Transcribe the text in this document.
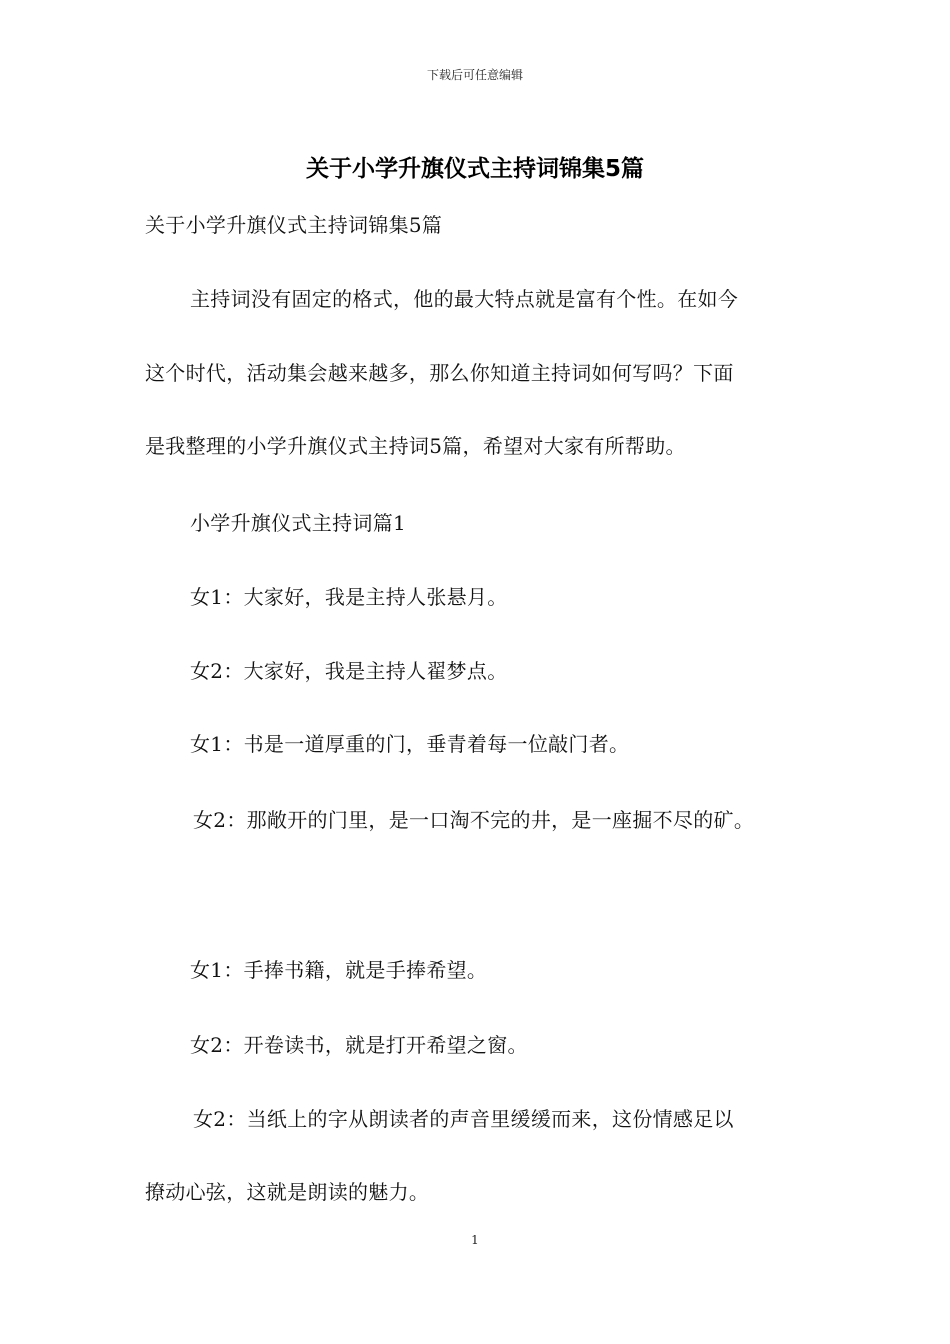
下载后可任意编辑
关于小学升旗仪式主持词锦集5篇
关于小学升旗仪式主持词锦集5篇
主持词没有固定的格式，他的最大特点就是富有个性。在如今
这个时代，活动集会越来越多，那么你知道主持词如何写吗？下面
是我整理的小学升旗仪式主持词5篇，希望对大家有所帮助。
小学升旗仪式主持词篇1
女1：大家好，我是主持人张悬月。
女2：大家好，我是主持人翟梦点。
女1：书是一道厚重的门，垂青着每一位敲门者。
女2：那敞开的门里，是一口淘不完的井，是一座掘不尽的矿。
女1：手捧书籍，就是手捧希望。
女2：开卷读书，就是打开希望之窗。
女2：当纸上的字从朗读者的声音里缓缓而来，这份情感足以
撩动心弦，这就是朗读的魅力。
1
